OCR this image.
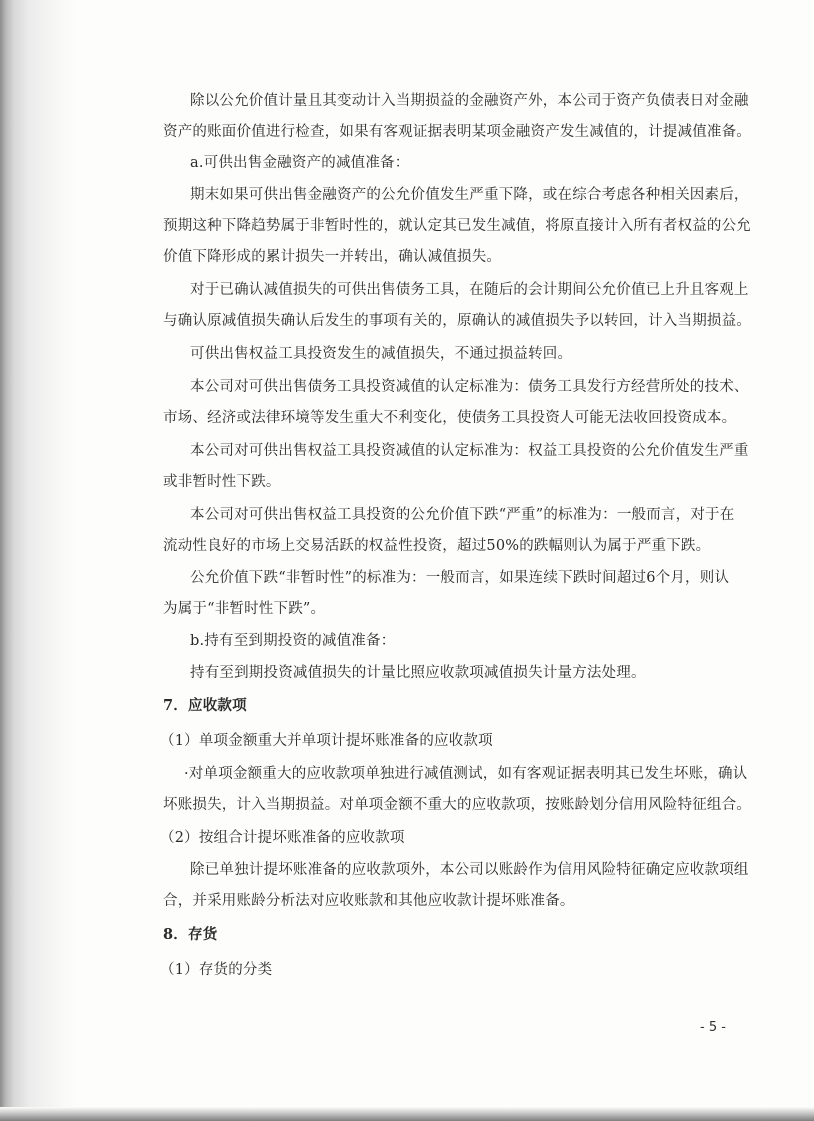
除以公允价值计量且其变动计入当期损益的金融资产外，本公司于资产负债表日对金融
资产的账面价值进行检查，如果有客观证据表明某项金融资产发生减值的，计提减值准备。
a.可供出售金融资产的减值准备：
期末如果可供出售金融资产的公允价值发生严重下降，或在综合考虑各种相关因素后，
预期这种下降趋势属于非暂时性的，就认定其已发生减值，将原直接计入所有者权益的公允
价值下降形成的累计损失一并转出，确认减值损失。
对于已确认减值损失的可供出售债务工具，在随后的会计期间公允价值已上升且客观上
与确认原减值损失确认后发生的事项有关的，原确认的减值损失予以转回，计入当期损益。
可供出售权益工具投资发生的减值损失，不通过损益转回。
本公司对可供出售债务工具投资减值的认定标准为：债务工具发行方经营所处的技术、
市场、经济或法律环境等发生重大不利变化，使债务工具投资人可能无法收回投资成本。
本公司对可供出售权益工具投资减值的认定标准为：权益工具投资的公允价值发生严重
或非暂时性下跌。
本公司对可供出售权益工具投资的公允价值下跌“严重”的标准为：一般而言，对于在
流动性良好的市场上交易活跃的权益性投资，超过50%的跌幅则认为属于严重下跌。
公允价值下跌“非暂时性”的标准为：一般而言，如果连续下跌时间超过6个月，则认
为属于“非暂时性下跌”。
b.持有至到期投资的减值准备：
持有至到期投资减值损失的计量比照应收款项减值损失计量方法处理。
7．应收款项
（1）单项金额重大并单项计提坏账准备的应收款项
·对单项金额重大的应收款项单独进行减值测试，如有客观证据表明其已发生坏账，确认
坏账损失，计入当期损益。对单项金额不重大的应收款项，按账龄划分信用风险特征组合。
（2）按组合计提坏账准备的应收款项
除已单独计提坏账准备的应收款项外，本公司以账龄作为信用风险特征确定应收款项组
合，并采用账龄分析法对应收账款和其他应收款计提坏账准备。
8．存货
（1）存货的分类
- 5 -
